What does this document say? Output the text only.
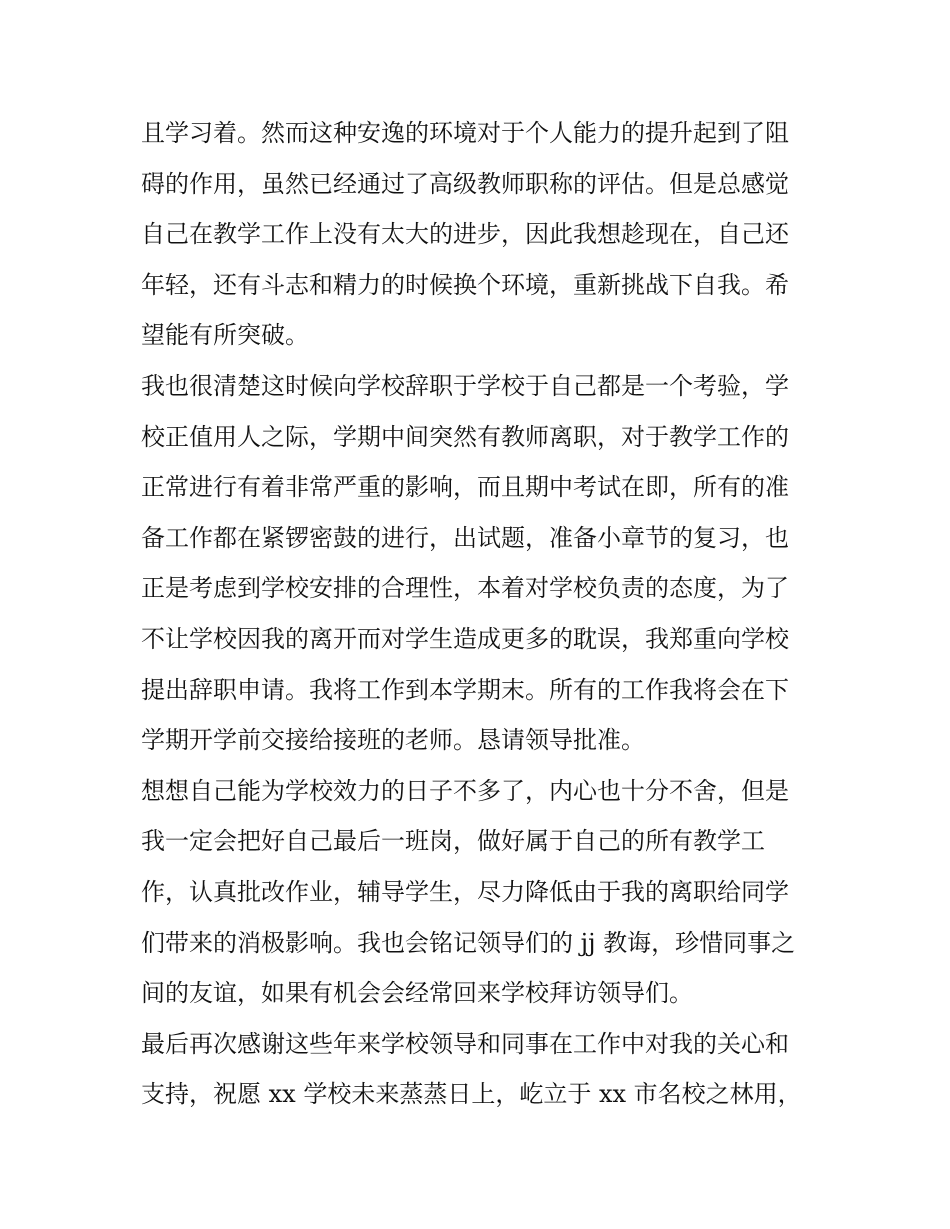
且学习着。然而这种安逸的环境对于个人能力的提升起到了阻
碍的作用，虽然已经通过了高级教师职称的评估。但是总感觉
自己在教学工作上没有太大的进步，因此我想趁现在，自己还
年轻，还有斗志和精力的时候换个环境，重新挑战下自我。希
望能有所突破。
我也很清楚这时候向学校辞职于学校于自己都是一个考验，学
校正值用人之际，学期中间突然有教师离职，对于教学工作的
正常进行有着非常严重的影响，而且期中考试在即，所有的准
备工作都在紧锣密鼓的进行，出试题，准备小章节的复习，也
正是考虑到学校安排的合理性，本着对学校负责的态度，为了
不让学校因我的离开而对学生造成更多的耽误，我郑重向学校
提出辞职申请。我将工作到本学期末。所有的工作我将会在下
学期开学前交接给接班的老师。恳请领导批准。
想想自己能为学校效力的日子不多了，内心也十分不舍，但是
我一定会把好自己最后一班岗，做好属于自己的所有教学工
作，认真批改作业，辅导学生，尽力降低由于我的离职给同学
们带来的消极影响。我也会铭记领导们的 jj 教诲，珍惜同事之
间的友谊，如果有机会会经常回来学校拜访领导们。
最后再次感谢这些年来学校领导和同事在工作中对我的关心和
支持，祝愿 xx 学校未来蒸蒸日上，屹立于 xx 市名校之林用，
